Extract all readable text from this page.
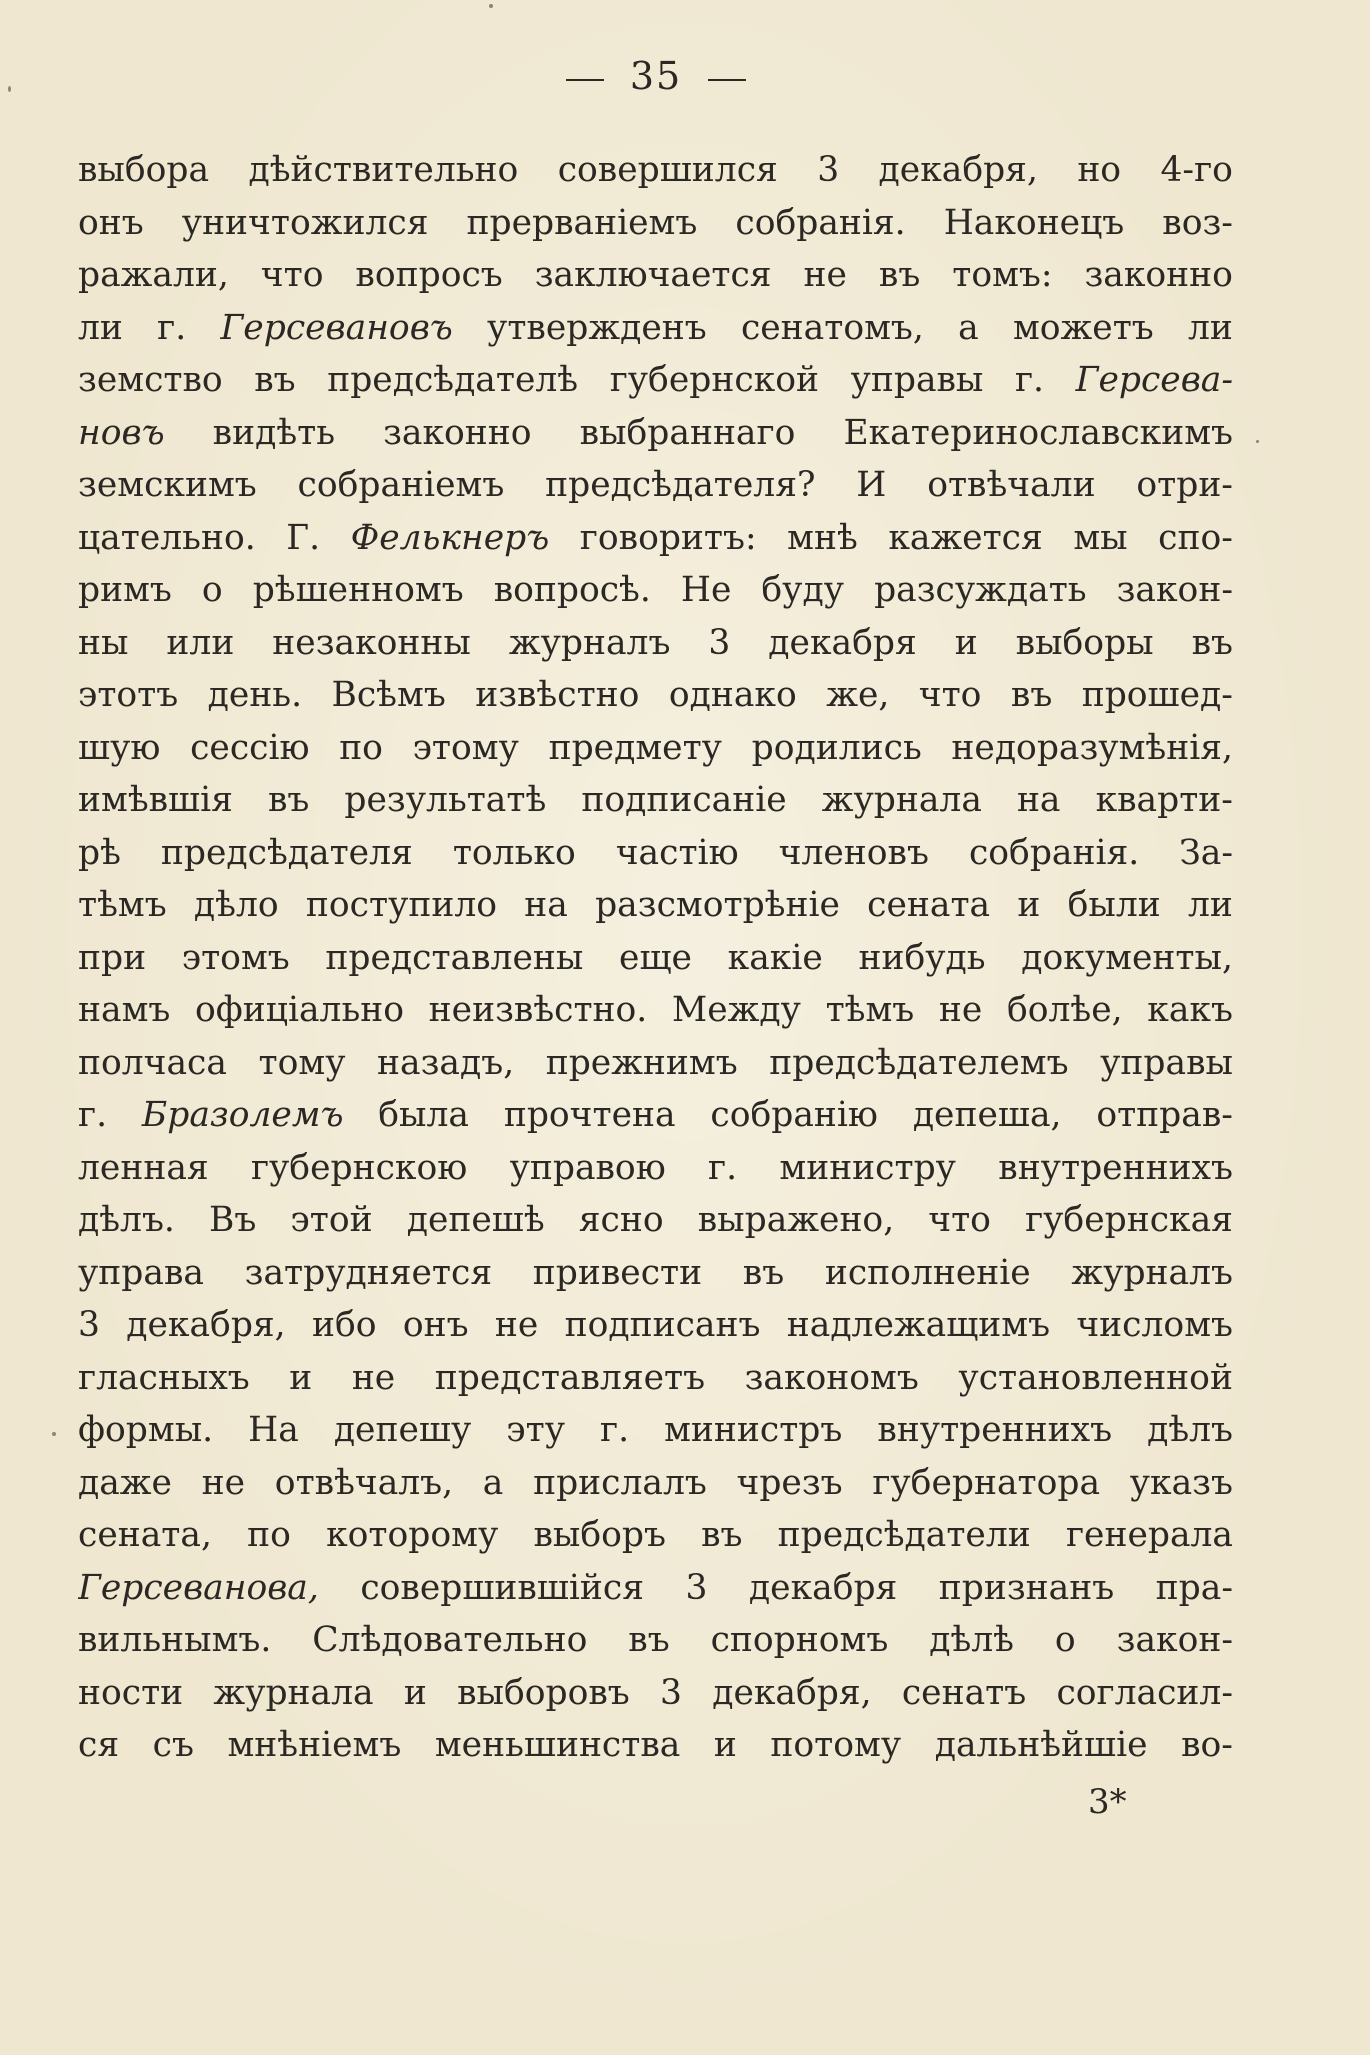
35
выбора дѣйствительно совершился 3 декабря, но 4-го
онъ уничтожился прерваніемъ собранія. Наконецъ воз-
ражали, что вопросъ заключается не въ томъ: законно
ли г. Герсевановъ утвержденъ сенатомъ, а можетъ ли
земство въ предсѣдателѣ губернской управы г. Герсева-
новъ видѣть законно выбраннаго Екатеринославскимъ
земскимъ собраніемъ предсѣдателя? И отвѣчали отри-
цательно. Г. Фелькнеръ говоритъ: мнѣ кажется мы спо-
римъ о рѣшенномъ вопросѣ. Не буду разсуждать закон-
ны или незаконны журналъ 3 декабря и выборы въ
этотъ день. Всѣмъ извѣстно однако же, что въ прошед-
шую сессію по этому предмету родились недоразумѣнія,
имѣвшія въ результатѣ подписаніе журнала на кварти-
рѣ предсѣдателя только частію членовъ собранія. За-
тѣмъ дѣло поступило на разсмотрѣніе сената и были ли
при этомъ представлены еще какіе нибудь документы,
намъ офиціально неизвѣстно. Между тѣмъ не болѣе, какъ
полчаса тому назадъ, прежнимъ предсѣдателемъ управы
г. Бразолемъ была прочтена собранію депеша, отправ-
ленная губернскою управою г. министру внутреннихъ
дѣлъ. Въ этой депешѣ ясно выражено, что губернская
управа затрудняется привести въ исполненіе журналъ
3 декабря, ибо онъ не подписанъ надлежащимъ числомъ
гласныхъ и не представляетъ закономъ установленной
формы. На депешу эту г. министръ внутреннихъ дѣлъ
даже не отвѣчалъ, а прислалъ чрезъ губернатора указъ
сената, по которому выборъ въ предсѣдатели генерала
Герсеванова, совершившійся 3 декабря признанъ пра-
вильнымъ. Слѣдовательно въ спорномъ дѣлѣ о закон-
ности журнала и выборовъ 3 декабря, сенатъ согласил-
ся съ мнѣніемъ меньшинства и потому дальнѣйшіе во-
3*
